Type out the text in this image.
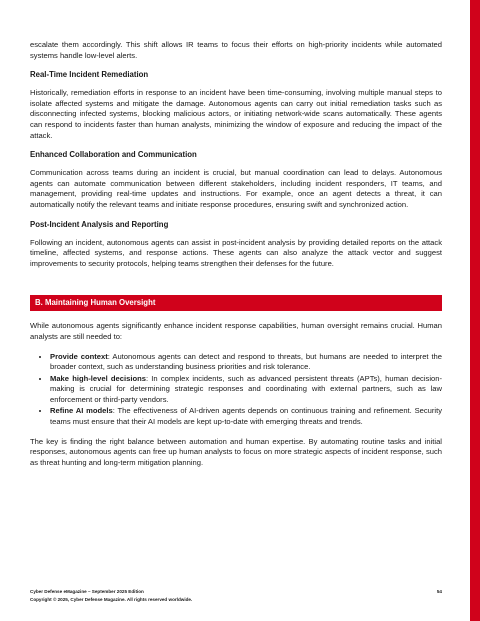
escalate them accordingly. This shift allows IR teams to focus their efforts on high-priority incidents while automated systems handle low-level alerts.

Real-Time Incident Remediation

Historically, remediation efforts in response to an incident have been time-consuming, involving multiple manual steps to isolate affected systems and mitigate the damage. Autonomous agents can carry out initial remediation tasks such as disconnecting infected systems, blocking malicious actors, or initiating network-wide scans automatically. These agents can respond to incidents faster than human analysts, minimizing the window of exposure and reducing the impact of the attack.

Enhanced Collaboration and Communication

Communication across teams during an incident is crucial, but manual coordination can lead to delays. Autonomous agents can automate communication between different stakeholders, including incident responders, IT teams, and management, providing real-time updates and instructions. For example, once an agent detects a threat, it can automatically notify the relevant teams and initiate response procedures, ensuring swift and synchronized action.

Post-Incident Analysis and Reporting

Following an incident, autonomous agents can assist in post-incident analysis by providing detailed reports on the attack timeline, affected systems, and response actions. These agents can also analyze the attack vector and suggest improvements to security protocols, helping teams strengthen their defenses for the future.

B. Maintaining Human Oversight

While autonomous agents significantly enhance incident response capabilities, human oversight remains crucial. Human analysts are still needed to:

• Provide context: Autonomous agents can detect and respond to threats, but humans are needed to interpret the broader context, such as understanding business priorities and risk tolerance.
• Make high-level decisions: In complex incidents, such as advanced persistent threats (APTs), human decision-making is crucial for determining strategic responses and coordinating with external partners, such as law enforcement or third-party vendors.
• Refine AI models: The effectiveness of AI-driven agents depends on continuous training and refinement. Security teams must ensure that their AI models are kept up-to-date with emerging threats and trends.

The key is finding the right balance between automation and human expertise. By automating routine tasks and initial responses, autonomous agents can free up human analysts to focus on more strategic aspects of incident response, such as threat hunting and long-term mitigation planning.

Cyber Defense eMagazine – September 2025 Edition	54
Copyright © 2025, Cyber Defense Magazine. All rights reserved worldwide.
